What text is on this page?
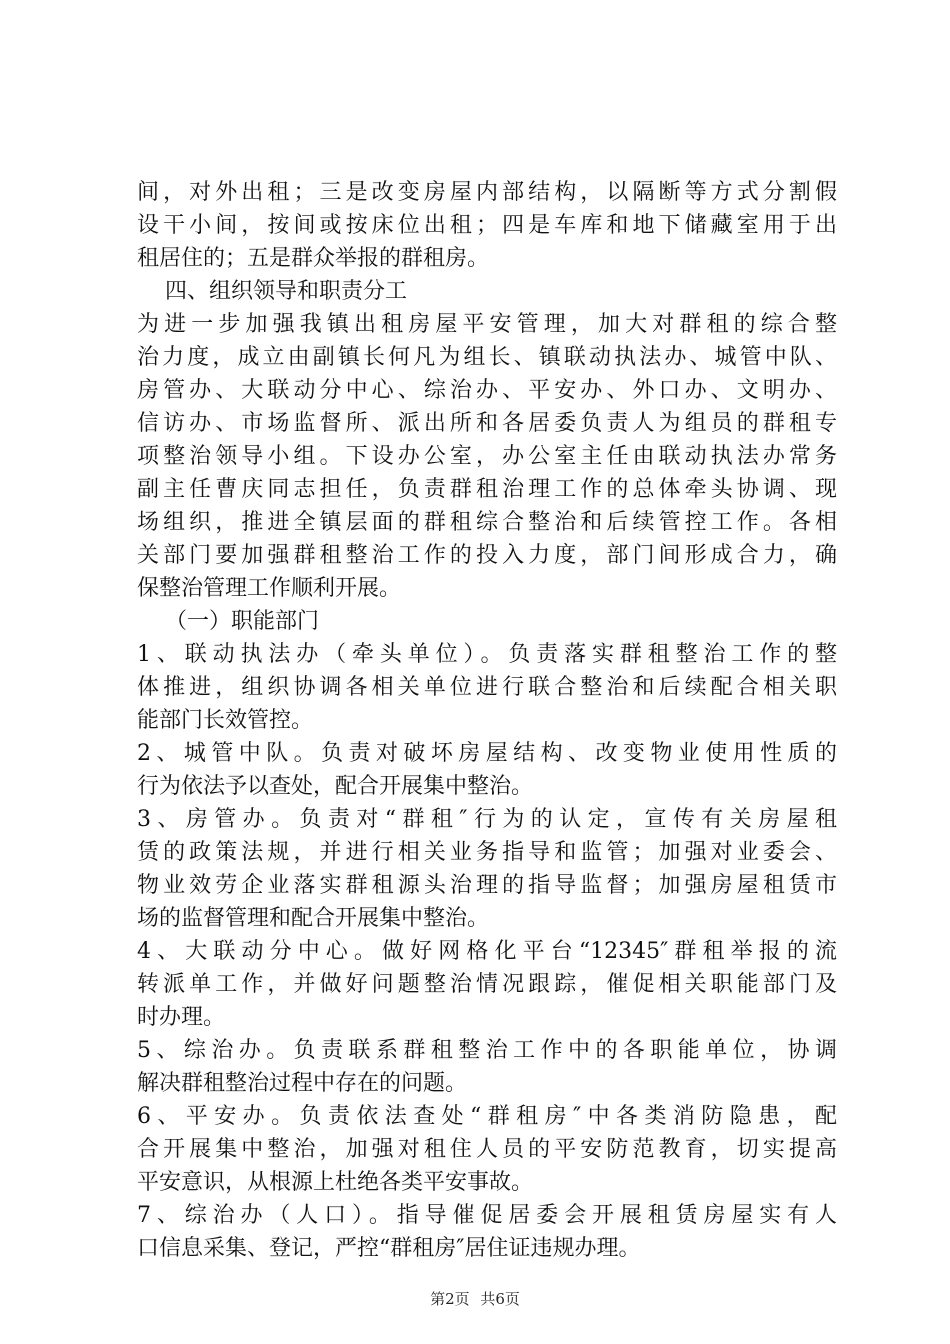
间，对外出租；三是改变房屋内部结构，以隔断等方式分割假
设干小间，按间或按床位出租；四是车库和地下储藏室用于出
租居住的；五是群众举报的群租房。
四、组织领导和职责分工
为进一步加强我镇出租房屋平安管理，加大对群租的综合整
治力度，成立由副镇长何凡为组长、镇联动执法办、城管中队、
房管办、大联动分中心、综治办、平安办、外口办、文明办、
信访办、市场监督所、派出所和各居委负责人为组员的群租专
项整治领导小组。下设办公室，办公室主任由联动执法办常务
副主任曹庆同志担任，负责群租治理工作的总体牵头协调、现
场组织，推进全镇层面的群租综合整治和后续管控工作。各相
关部门要加强群租整治工作的投入力度，部门间形成合力，确
保整治管理工作顺利开展。
（一）职能部门
1、联动执法办（牵头单位）。负责落实群租整治工作的整
体推进，组织协调各相关单位进行联合整治和后续配合相关职
能部门长效管控。
2、城管中队。负责对破坏房屋结构、改变物业使用性质的
行为依法予以查处，配合开展集中整治。
3、房管办。负责对“群租″行为的认定，宣传有关房屋租
赁的政策法规，并进行相关业务指导和监管；加强对业委会、
物业效劳企业落实群租源头治理的指导监督；加强房屋租赁市
场的监督管理和配合开展集中整治。
4、大联动分中心。做好网格化平台“12345″群租举报的流
转派单工作，并做好问题整治情况跟踪，催促相关职能部门及
时办理。
5、综治办。负责联系群租整治工作中的各职能单位，协调
解决群租整治过程中存在的问题。
6、平安办。负责依法查处“群租房″中各类消防隐患，配
合开展集中整治，加强对租住人员的平安防范教育，切实提高
平安意识，从根源上杜绝各类平安事故。
7、综治办（人口）。指导催促居委会开展租赁房屋实有人
口信息采集、登记，严控“群租房″居住证违规办理。
第2页 共6页
